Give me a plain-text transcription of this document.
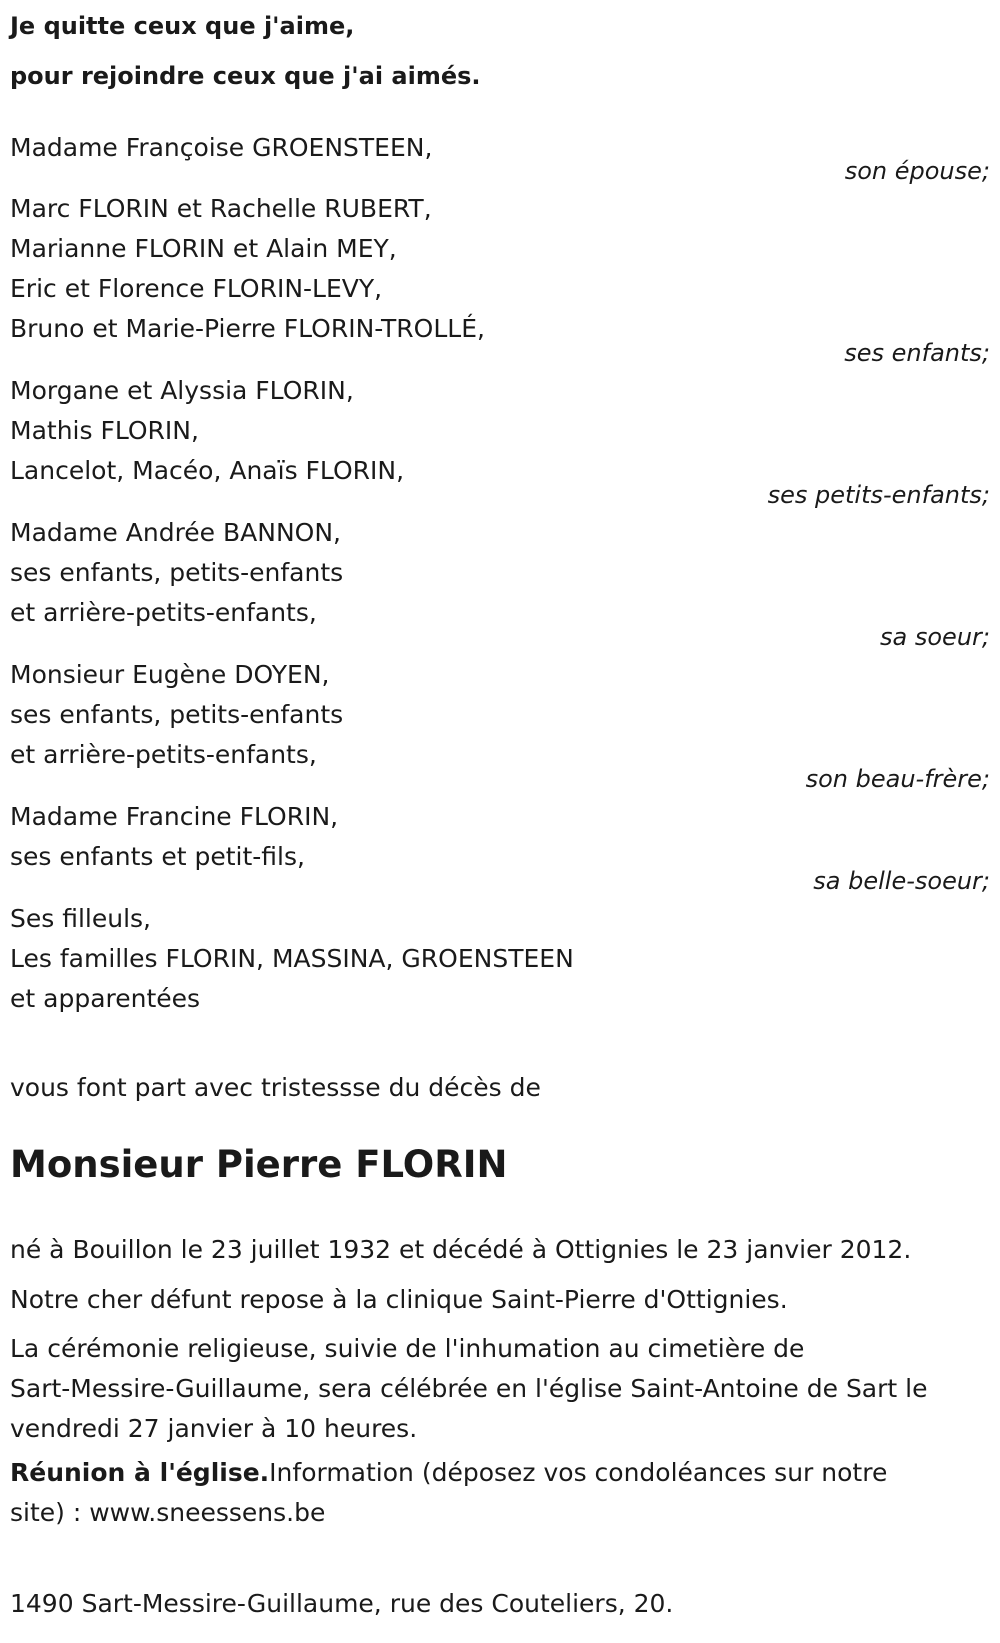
Je quitte ceux que j'aime,
pour rejoindre ceux que j'ai aimés.
Madame Françoise GROENSTEEN,
son épouse;
Marc FLORIN et Rachelle RUBERT,
Marianne FLORIN et Alain MEY,
Eric et Florence FLORIN-LEVY,
Bruno et Marie-Pierre FLORIN-TROLLÉ,
ses enfants;
Morgane et Alyssia FLORIN,
Mathis FLORIN,
Lancelot, Macéo, Anaïs FLORIN,
ses petits-enfants;
Madame Andrée BANNON,
ses enfants, petits-enfants
et arrière-petits-enfants,
sa soeur;
Monsieur Eugène DOYEN,
ses enfants, petits-enfants
et arrière-petits-enfants,
son beau-frère;
Madame Francine FLORIN,
ses enfants et petit-fils,
sa belle-soeur;
Ses filleuls,
Les familles FLORIN, MASSINA, GROENSTEEN
et apparentées
vous font part avec tristessse du décès de
Monsieur Pierre FLORIN
né à Bouillon le 23 juillet 1932 et décédé à Ottignies le 23 janvier 2012.
Notre cher défunt repose à la clinique Saint-Pierre d'Ottignies.
La cérémonie religieuse, suivie de l'inhumation au cimetière de
Sart-Messire-Guillaume, sera célébrée en l'église Saint-Antoine de Sart le
vendredi 27 janvier à 10 heures.
Réunion à l'église.Information (déposez vos condoléances sur notre
site) : www.sneessens.be
1490 Sart-Messire-Guillaume, rue des Couteliers, 20.
